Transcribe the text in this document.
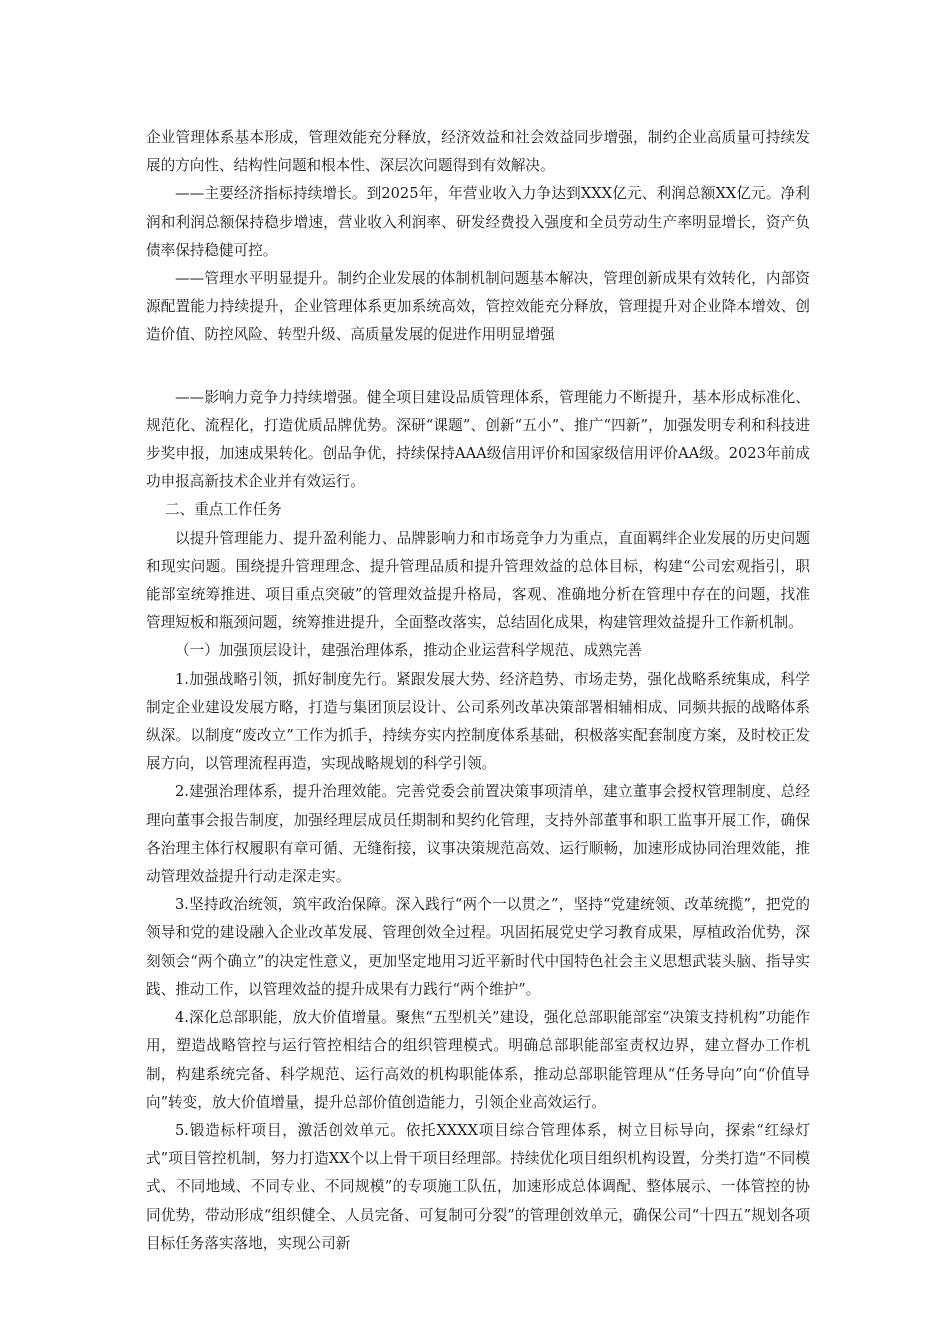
企业管理体系基本形成，管理效能充分释放，经济效益和社会效益同步增强，制约企业高质量可持续发展的方向性、结构性问题和根本性、深层次问题得到有效解决。

——主要经济指标持续增长。到2025年，年营业收入力争达到XXX亿元、利润总额XX亿元。净利润和利润总额保持稳步增速，营业收入利润率、研发经费投入强度和全员劳动生产率明显增长，资产负债率保持稳健可控。

——管理水平明显提升。制约企业发展的体制机制问题基本解决，管理创新成果有效转化，内部资源配置能力持续提升，企业管理体系更加系统高效，管控效能充分释放，管理提升对企业降本增效、创造价值、防控风险、转型升级、高质量发展的促进作用明显增强

——影响力竞争力持续增强。健全项目建设品质管理体系，管理能力不断提升，基本形成标准化、规范化、流程化，打造优质品牌优势。深研“课题”、创新“五小”、推广“四新”，加强发明专利和科技进步奖申报，加速成果转化。创品争优，持续保持AAA级信用评价和国家级信用评价AA级。2023年前成功申报高新技术企业并有效运行。

二、重点工作任务

以提升管理能力、提升盈利能力、品牌影响力和市场竞争力为重点，直面羁绊企业发展的历史问题和现实问题。围绕提升管理理念、提升管理品质和提升管理效益的总体目标，构建“公司宏观指引，职能部室统筹推进、项目重点突破”的管理效益提升格局，客观、准确地分析在管理中存在的问题，找准管理短板和瓶颈问题，统筹推进提升，全面整改落实，总结固化成果，构建管理效益提升工作新机制。

（一）加强顶层设计，建强治理体系，推动企业运营科学规范、成熟完善

1.加强战略引领，抓好制度先行。紧跟发展大势、经济趋势、市场走势，强化战略系统集成，科学制定企业建设发展方略，打造与集团顶层设计、公司系列改革决策部署相辅相成、同频共振的战略体系纵深。以制度“废改立”工作为抓手，持续夯实内控制度体系基础，积极落实配套制度方案，及时校正发展方向，以管理流程再造，实现战略规划的科学引领。

2.建强治理体系，提升治理效能。完善党委会前置决策事项清单，建立董事会授权管理制度、总经理向董事会报告制度，加强经理层成员任期制和契约化管理，支持外部董事和职工监事开展工作，确保各治理主体行权履职有章可循、无缝衔接，议事决策规范高效、运行顺畅，加速形成协同治理效能，推动管理效益提升行动走深走实。

3.坚持政治统领，筑牢政治保障。深入践行“两个一以贯之”，坚持“党建统领、改革统揽”，把党的领导和党的建设融入企业改革发展、管理创效全过程。巩固拓展党史学习教育成果，厚植政治优势，深刻领会“两个确立”的决定性意义，更加坚定地用习近平新时代中国特色社会主义思想武装头脑、指导实践、推动工作，以管理效益的提升成果有力践行“两个维护”。

4.深化总部职能，放大价值增量。聚焦“五型机关”建设，强化总部职能部室“决策支持机构”功能作用，塑造战略管控与运行管控相结合的组织管理模式。明确总部职能部室责权边界，建立督办工作机制，构建系统完备、科学规范、运行高效的机构职能体系，推动总部职能管理从“任务导向”向“价值导向”转变，放大价值增量，提升总部价值创造能力，引领企业高效运行。

5.锻造标杆项目，激活创效单元。依托XXXX项目综合管理体系，树立目标导向，探索“红绿灯式”项目管控机制，努力打造XX个以上骨干项目经理部。持续优化项目组织机构设置，分类打造“不同模式、不同地域、不同专业、不同规模”的专项施工队伍，加速形成总体调配、整体展示、一体管控的协同优势，带动形成“组织健全、人员完备、可复制可分裂”的管理创效单元，确保公司“十四五”规划各项目标任务落实落地，实现公司新
